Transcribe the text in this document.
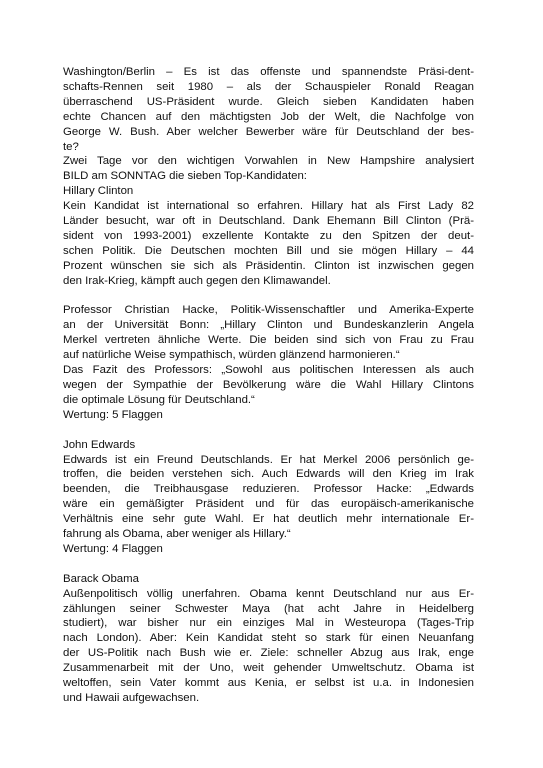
Washington/Berlin – Es ist das offenste und spannendste Präsi-dent-
schafts-Rennen seit 1980 – als der Schauspieler Ronald Reagan
überraschend US-Präsident wurde. Gleich sieben Kandidaten haben
echte Chancen auf den mächtigsten Job der Welt, die Nachfolge von
George W. Bush. Aber welcher Bewerber wäre für Deutschland der bes-
te?
Zwei Tage vor den wichtigen Vorwahlen in New Hampshire analysiert
BILD am SONNTAG die sieben Top-Kandidaten:
Hillary Clinton
Kein Kandidat ist international so erfahren. Hillary hat als First Lady 82
Länder besucht, war oft in Deutschland. Dank Ehemann Bill Clinton (Prä-
sident von 1993-2001) exzellente Kontakte zu den Spitzen der deut-
schen Politik. Die Deutschen mochten Bill und sie mögen Hillary – 44
Prozent wünschen sie sich als Präsidentin. Clinton ist inzwischen gegen
den Irak-Krieg, kämpft auch gegen den Klimawandel.
Professor Christian Hacke, Politik-Wissenschaftler und Amerika-Experte
an der Universität Bonn: „Hillary Clinton und Bundeskanzlerin Angela
Merkel vertreten ähnliche Werte. Die beiden sind sich von Frau zu Frau
auf natürliche Weise sympathisch, würden glänzend harmonieren.“
Das Fazit des Professors: „Sowohl aus politischen Interessen als auch
wegen der Sympathie der Bevölkerung wäre die Wahl Hillary Clintons
die optimale Lösung für Deutschland.“
Wertung: 5 Flaggen
John Edwards
Edwards ist ein Freund Deutschlands. Er hat Merkel 2006 persönlich ge-
troffen, die beiden verstehen sich. Auch Edwards will den Krieg im Irak
beenden, die Treibhausgase reduzieren. Professor Hacke: „Edwards
wäre ein gemäßigter Präsident und für das europäisch-amerikanische
Verhältnis eine sehr gute Wahl. Er hat deutlich mehr internationale Er-
fahrung als Obama, aber weniger als Hillary.“
Wertung: 4 Flaggen
Barack Obama
Außenpolitisch völlig unerfahren. Obama kennt Deutschland nur aus Er-
zählungen seiner Schwester Maya (hat acht Jahre in Heidelberg
studiert), war bisher nur ein einziges Mal in Westeuropa (Tages-Trip
nach London). Aber: Kein Kandidat steht so stark für einen Neuanfang
der US-Politik nach Bush wie er. Ziele: schneller Abzug aus Irak, enge
Zusammenarbeit mit der Uno, weit gehender Umweltschutz. Obama ist
weltoffen, sein Vater kommt aus Kenia, er selbst ist u.a. in Indonesien
und Hawaii aufgewachsen.
